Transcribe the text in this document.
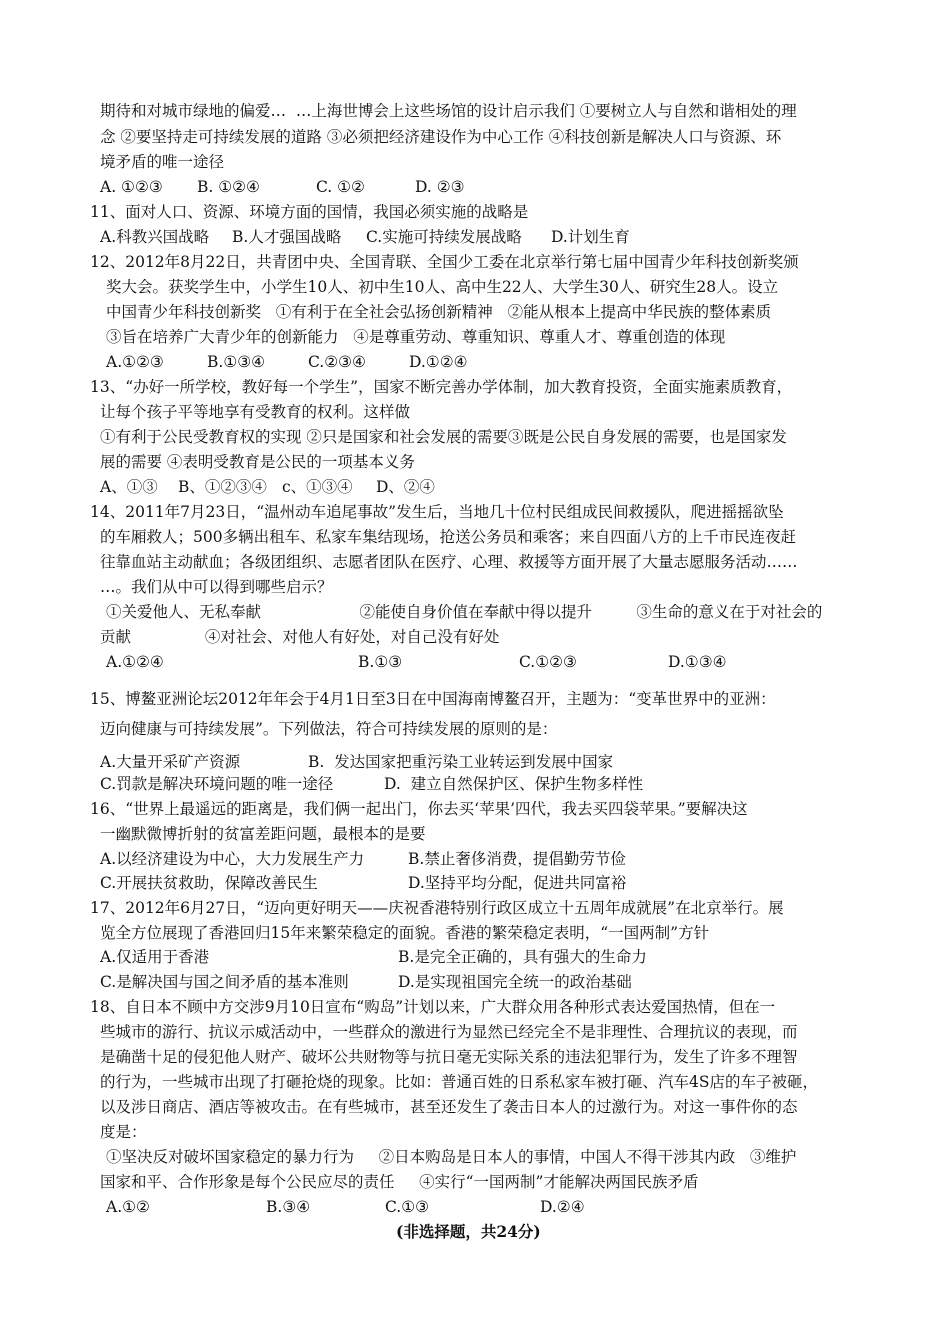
期待和对城市绿地的偏爱…  …上海世博会上这些场馆的设计启示我们 ①要树立人与自然和谐相处的理
念 ②要坚持走可持续发展的道路 ③必须把经济建设作为中心工作 ④科技创新是解决人口与资源、环
境矛盾的唯一途径
A. ①②③ B. ①②④	C. ①②	D. ②③
11、面对人口、资源、环境方面的国情，我国必须实施的战略是
A.科教兴国战略 B.人才强国战略 C.实施可持续发展战略 D.计划生育
12、2012年8月22日，共青团中央、全国青联、全国少工委在北京举行第七届中国青少年科技创新奖颁
奖大会。获奖学生中，小学生10人、初中生10人、高中生22人、大学生30人、研究生28人。设立
中国青少年科技创新奖   ①有利于在全社会弘扬创新精神   ②能从根本上提高中华民族的整体素质
③旨在培养广大青少年的创新能力   ④是尊重劳动、尊重知识、尊重人才、尊重创造的体现
A.①②③	B.①③④	C.②③④	D.①②④
13、“办好一所学校，教好每一个学生”，国家不断完善办学体制，加大教育投资，全面实施素质教育，
让每个孩子平等地享有受教育的权利。这样做
①有利于公民受教育权的实现 ②只是国家和社会发展的需要③既是公民自身发展的需要，也是国家发
展的需要 ④表明受教育是公民的一项基本义务
A、①③ B、①②③④ c、①③④ D、②④
14、2011年7月23日，“温州动车追尾事故”发生后，当地几十位村民组成民间救援队，爬进摇摇欲坠
的车厢救人；500多辆出租车、私家车集结现场，抢送公务员和乘客；来自四面八方的上千市民连夜赶
往靠血站主动献血；各级团组织、志愿者团队在医疗、心理、救援等方面开展了大量志愿服务活动……
…。我们从中可以得到哪些启示？
①关爱他人、无私奉献                    ②能使自身价值在奉献中得以提升         ③生命的意义在于对社会的
贡献               ④对社会、对他人有好处，对自己没有好处
A.①②④	B.①③	C.①②③	D.①③④
15、博鳌亚洲论坛2012年年会于4月1日至3日在中国海南博鳌召开，主题为：“变革世界中的亚洲：
迈向健康与可持续发展”。下列做法，符合可持续发展的原则的是：
A.大量开采矿产资源	B.  发达国家把重污染工业转运到发展中国家
C.罚款是解决环境问题的唯一途径	D.  建立自然保护区、保护生物多样性
16、“世界上最遥远的距离是，我们俩一起出门，你去买‘苹果’四代，我去买四袋苹果。”要解决这
一幽默微博折射的贫富差距问题，最根本的是要
A.以经济建设为中心，大力发展生产力	B.禁止奢侈消费，提倡勤劳节俭
C.开展扶贫救助，保障改善民生	D.坚持平均分配，促进共同富裕
17、2012年6月27日，“迈向更好明天——庆祝香港特别行政区成立十五周年成就展”在北京举行。展
览全方位展现了香港回归15年来繁荣稳定的面貌。香港的繁荣稳定表明，“一国两制”方针
A.仅适用于香港	B.是完全正确的，具有强大的生命力
C.是解决国与国之间矛盾的基本准则	D.是实现祖国完全统一的政治基础
18、自日本不顾中方交涉9月10日宣布“购岛”计划以来，广大群众用各种形式表达爱国热情，但在一
些城市的游行、抗议示威活动中，一些群众的激进行为显然已经完全不是非理性、合理抗议的表现，而
是确凿十足的侵犯他人财产、破坏公共财物等与抗日毫无实际关系的违法犯罪行为，发生了许多不理智
的行为，一些城市出现了打砸抢烧的现象。比如：普通百姓的日系私家车被打砸、汽车4S店的车子被砸，
以及涉日商店、酒店等被攻击。在有些城市，甚至还发生了袭击日本人的过激行为。对这一事件你的态
度是：
①坚决反对破坏国家稳定的暴力行为     ②日本购岛是日本人的事情，中国人不得干涉其内政   ③维护
国家和平、合作形象是每个公民应尽的责任     ④实行“一国两制”才能解决两国民族矛盾
A.①②	B.③④	C.①③	D.②④
(非选择题，共24分)
